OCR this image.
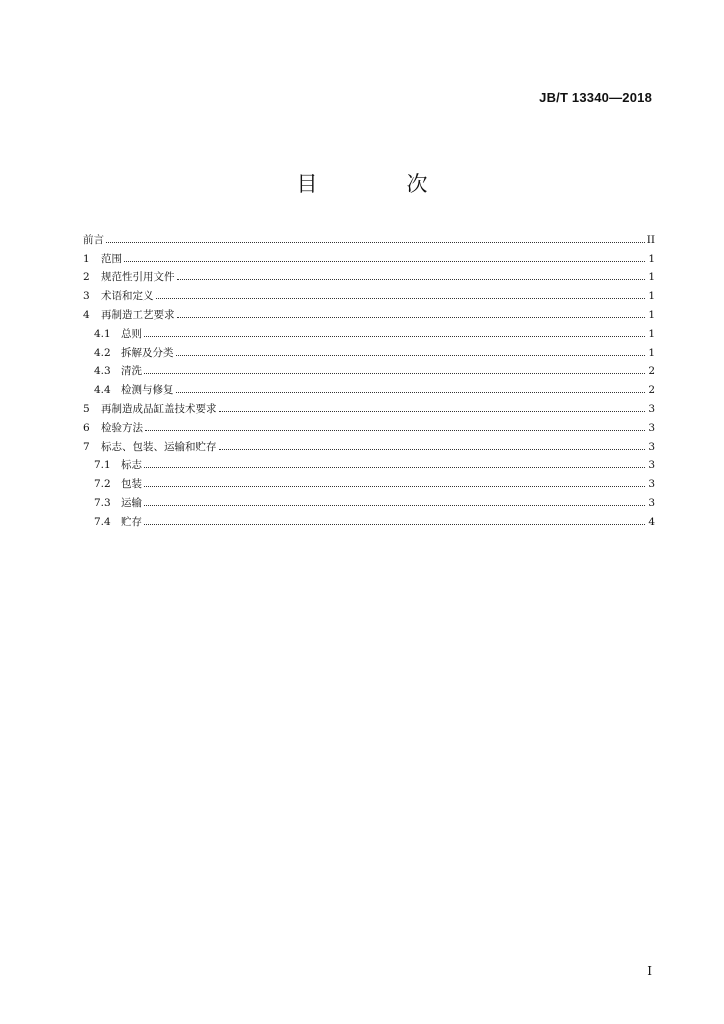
JB/T 13340—2018
目　次
前言	II
1	范围	1
2	规范性引用文件	1
3	术语和定义	1
4	再制造工艺要求	1
4.1 总则	1
4.2 拆解及分类	1
4.3 清洗	2
4.4 检测与修复	2
5	再制造成品缸盖技术要求	3
6	检验方法	3
7	标志、包装、运输和贮存	3
7.1 标志	3
7.2 包装	3
7.3 运输	3
7.4 贮存	4
I
